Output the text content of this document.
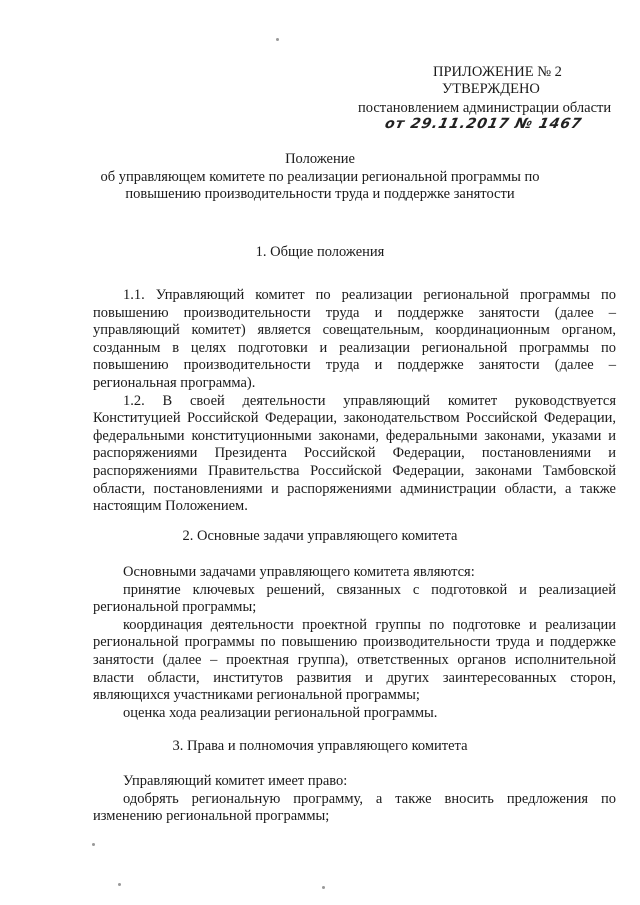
ПРИЛОЖЕНИЕ № 2
УТВЕРЖДЕНО
постановлением администрации области
от 29.11.2017 № 1467
Положение
об управляющем комитете по реализации региональной программы по
повышению производительности труда и поддержке занятости
1. Общие положения

1.1. Управляющий комитет по реализации региональной программы по повышению производительности труда и поддержке занятости (далее – управляющий комитет) является совещательным, координационным органом, созданным в целях подготовки и реализации региональной программы по повышению производительности труда и поддержке занятости (далее – региональная программа).

1.2. В своей деятельности управляющий комитет руководствуется Конституцией Российской Федерации, законодательством Российской Федерации, федеральными конституционными законами, федеральными законами, указами и распоряжениями Президента Российской Федерации, постановлениями и распоряжениями Правительства Российской Федерации, законами Тамбовской области, постановлениями и распоряжениями администрации области, а также настоящим Положением.

2. Основные задачи управляющего комитета

Основными задачами управляющего комитета являются:

принятие ключевых решений, связанных с подготовкой и реализацией региональной программы;

координация деятельности проектной группы по подготовке и реализации региональной программы по повышению производительности труда и поддержке занятости (далее – проектная группа), ответственных органов исполнительной власти области, институтов развития и других заинтересованных сторон, являющихся участниками региональной программы;

оценка хода реализации региональной программы.

3. Права и полномочия управляющего комитета

Управляющий комитет имеет право:

одобрять региональную программу, а также вносить предложения по изменению региональной программы;
